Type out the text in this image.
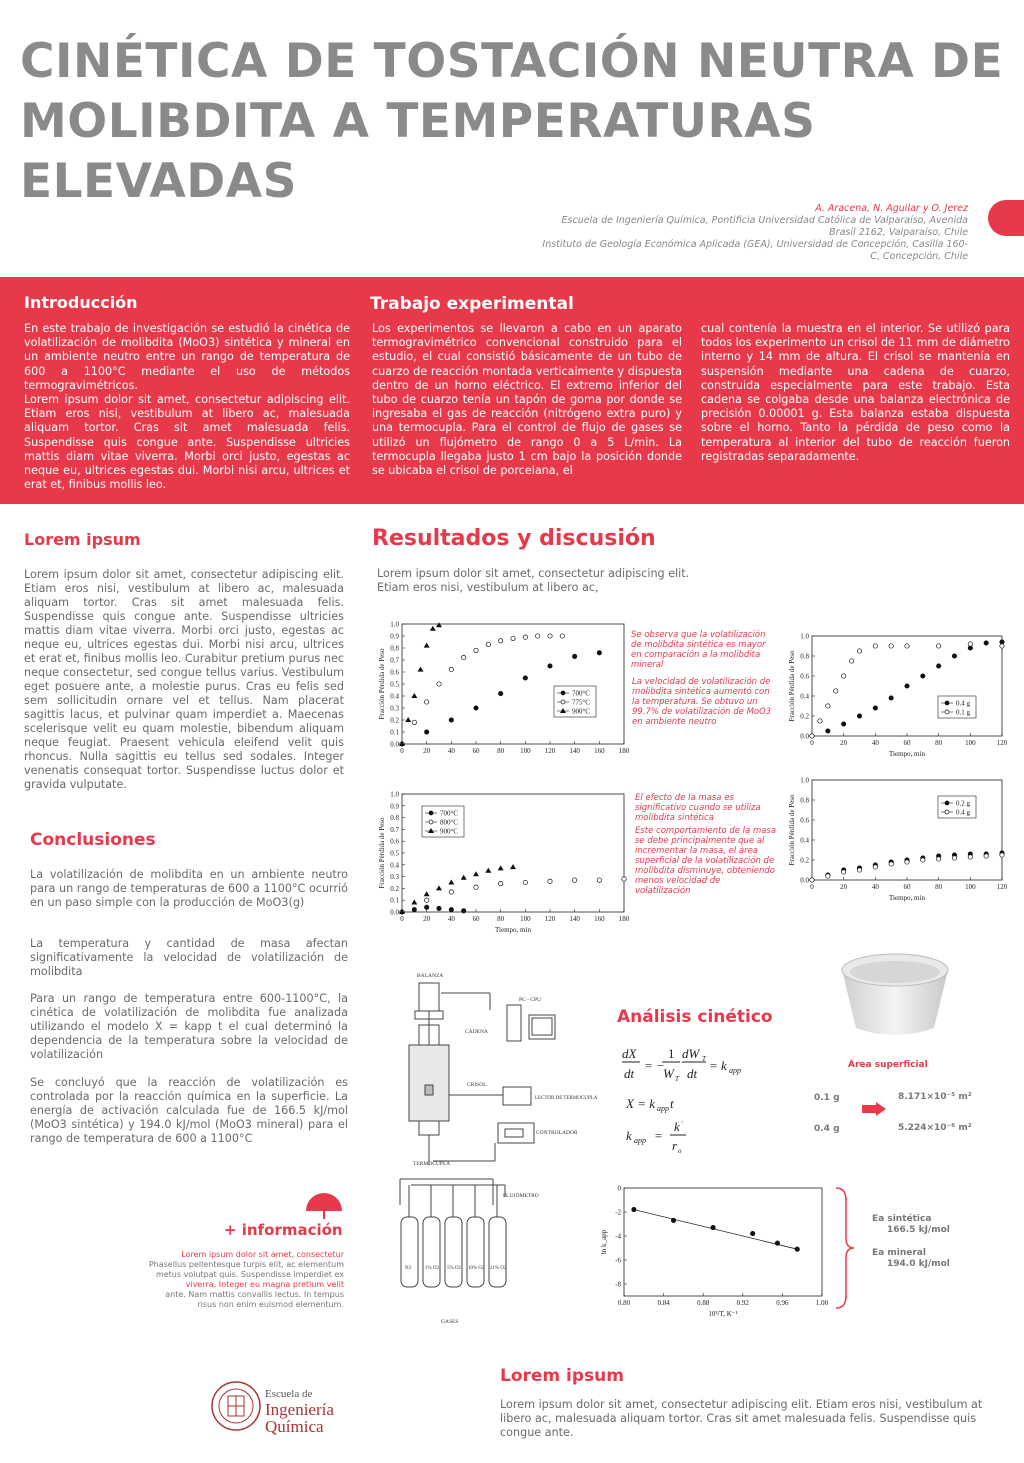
CINÉTICA DE TOSTACIÓN NEUTRA DE MOLIBDITA A TEMPERATURAS ELEVADAS	A. Aracena, N. Aguilar y O. Jerez
Escuela de Ingeniería Química, Pontificia Universidad Católica de Valparaíso, Avenida Brasil 2162, Valparaíso, Chile
Instituto de Geología Económica Aplicada (GEA), Universidad de Concepción, Casilla 160-C, Concepción, Chile
Introducción
En este trabajo de investigación se estudió la cinética de volatilización de molibdita (MoO3) sintética y mineral en un ambiente neutro entre un rango de temperatura de 600 a 1100°C mediante el uso de métodos termogravimétricos.
Lorem ipsum dolor sit amet, consectetur adipiscing elit. Etiam eros nisi, vestibulum at libero ac, malesuada aliquam tortor. Cras sit amet malesuada felis. Suspendisse quis congue ante. Suspendisse ultricies mattis diam vitae viverra. Morbi orci justo, egestas ac neque eu, ultrices egestas dui. Morbi nisi arcu, ultrices et erat et, finibus mollis leo.
Trabajo experimental
Los experimentos se llevaron a cabo en un aparato termogravimétrico convencional construido para el estudio, el cual consistió básicamente de un tubo de cuarzo de reacción montada verticalmente y dispuesta dentro de un horno eléctrico. El extremo inferior del tubo de cuarzo tenía un tapón de goma por donde se ingresaba el gas de reacción (nitrógeno extra puro) y una termocupla. Para el control de flujo de gases se utilizó un flujómetro de rango 0 a 5 L/min. La termocupla llegaba justo 1 cm bajo la posición donde se ubicaba el crisol de porcelana, el
cual contenía la muestra en el interior. Se utilizó para todos los experimento un crisol de 11 mm de diámetro interno y 14 mm de altura. El crisol se mantenía en suspensión mediante una cadena de cuarzo, construida especialmente para este trabajo. Esta cadena se colgaba desde una balanza electrónica de precisión 0.00001 g. Esta balanza estaba dispuesta sobre el horno. Tanto la pérdida de peso como la temperatura al interior del tubo de reacción fueron registradas separadamente.
Lorem ipsum
Lorem ipsum dolor sit amet, consectetur adipiscing elit. Etiam eros nisi, vestibulum at libero ac, malesuada aliquam tortor. Cras sit amet malesuada felis. Suspendisse quis congue ante. Suspendisse ultricies mattis diam vitae viverra. Morbi orci justo, egestas ac neque eu, ultrices egestas dui. Morbi nisi arcu, ultrices et erat et, finibus mollis leo. Curabitur pretium purus nec neque consectetur, sed congue tellus varius. Vestibulum eget posuere ante, a molestie purus. Cras eu felis sed sem sollicitudin ornare vel et tellus. Nam placerat sagittis lacus, et pulvinar quam imperdiet a. Maecenas scelerisque velit eu quam molestie, bibendum aliquam neque feugiat. Praesent vehicula eleifend velit quis rhoncus. Nulla sagittis eu tellus sed sodales. Integer venenatis consequat tortor. Suspendisse luctus dolor et gravida vulputate.
Conclusiones
La volatilización de molibdita en un ambiente neutro para un rango de temperaturas de 600 a 1100°C ocurrió en un paso simple con la producción de MoO3(g)
La temperatura y cantidad de masa afectan significativamente la velocidad de volatilización de molibdita
Para un rango de temperatura entre 600-1100°C, la cinética de volatilización de molibdita fue analizada utilizando el modelo X = kapp t el cual determinó la dependencia de la temperatura sobre la velocidad de volatilización
Se concluyó que la reacción de volatilización es controlada por la reacción química en la superficie. La energía de activación calculada fue de 166.5 kJ/mol (MoO3 sintética) y 194.0 kJ/mol (MoO3 mineral) para el rango de temperatura de 600 a 1100°C
Resultados y discusión
Lorem ipsum dolor sit amet, consectetur adipiscing elit. Etiam eros nisi, vestibulum at libero ac,
0	20	40	60	80 100 120 140 160 180
0.0
0.1
0.2
0.3
0.4
0.5
0.6
0.7
0.8
0.9
1.0
Fracción Pérdida de Peso	700°C
775°C
900°C
0	20	40	60	80	100	120
0.0
0.2
0.4
0.6
0.8
1.0
Tiempo, min
Fracción Pérdida de Peso	0.4 g
0.1 g
0	20	40	60	80 100 120 140 160 180
0.0
0.1
0.2
0.3
0.4
0.5
0.6
0.7
0.8
0.9
1.0
Tiempo, min
Fracción Pérdida de Peso
700°C
800°C
900°C
0	20	40	60	80	100	120
0.0
0.2
0.4
0.6
0.8
1.0
Tiempo, min
Fracción Pérdida de Peso	0.2 g
0.4 g
0.80	0.84	0.88	0.92	0.96	1.00
0
-2
-4
-6
-8
10³/T, K⁻¹
ln k_app
Se observa que la volatilización de molibdita sintética es mayor en comparación a la molibdita mineral
La velocidad de volatilización de molibdita sintética aumentó con la temperatura. Se obtuvo un 99.7% de volatilización de MoO3 en ambiente neutro
El efecto de la masa es significativo cuando se utiliza molibdita sintética
Este comportamiento de la masa se debe principalmente que al incrementar la masa, el área superficial de la volatilización de molibdita disminuye, obteniendo menos velocidad de volatilización
BALANZA
PC - CPU
CADENA
CRISOL
LECTOR DE TERMOCUPLA
CONTROLADOR
TERMOCUPLA
FLUJÓMETRO
GASES
N2	1% O2 5% O2 10% O2 21% O2
Análisis cinético
dX
dt
= −
1
W T
dW T
dt
= k app
X = k app t
k app =
k '
r o
Área superficial
0.1 g
0.4 g
8.171×10⁻⁵ m²
5.224×10⁻⁶ m²
Ea sintética
166.5 kJ/mol
Ea mineral
194.0 kJ/mol
+ información
Lorem ipsum dolor sit amet, consectetur
Phasellus pellentesque turpis elit, ac elementum
metus volutpat quis. Suspendisse imperdiet ex
viverra. Integer eu magna pretium velit
ante. Nam mattis convallis lectus. In tempus
risus non enim euismod elementum.
Escuela de
Ingeniería
Química
Lorem ipsum
Lorem ipsum dolor sit amet, consectetur adipiscing elit. Etiam eros nisi, vestibulum at libero ac, malesuada aliquam tortor. Cras sit amet malesuada felis. Suspendisse quis congue ante.
